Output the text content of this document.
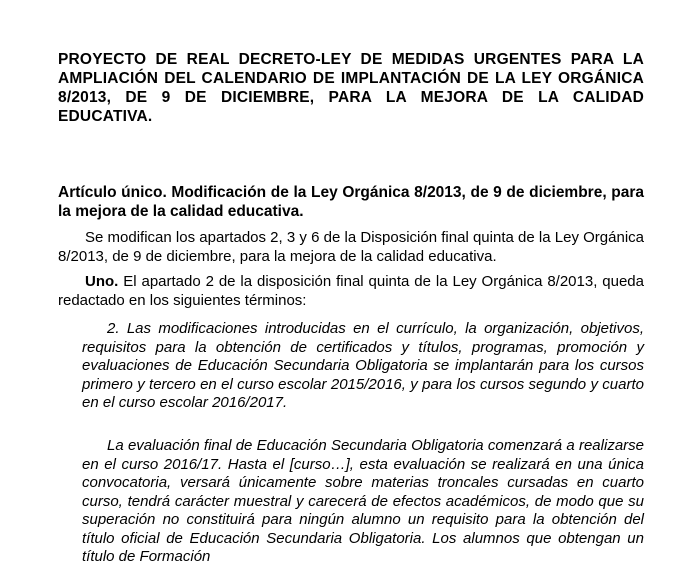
PROYECTO DE REAL DECRETO-LEY DE MEDIDAS URGENTES PARA LA AMPLIACIÓN DEL CALENDARIO DE IMPLANTACIÓN DE LA LEY ORGÁNICA 8/2013, DE 9 DE DICIEMBRE, PARA LA MEJORA DE LA CALIDAD EDUCATIVA.
Artículo único. Modificación de la Ley Orgánica 8/2013, de 9 de diciembre, para la mejora de la calidad educativa.
Se modifican los apartados 2, 3 y 6 de la Disposición final quinta de la Ley Orgánica 8/2013, de 9 de diciembre, para la mejora de la calidad educativa.
Uno. El apartado 2 de la disposición final quinta de la Ley Orgánica 8/2013, queda redactado en los siguientes términos:
2. Las modificaciones introducidas en el currículo, la organización, objetivos, requisitos para la obtención de certificados y títulos, programas, promoción y evaluaciones de Educación Secundaria Obligatoria se implantarán para los cursos primero y tercero en el curso escolar 2015/2016, y para los cursos segundo y cuarto en el curso escolar 2016/2017.
La evaluación final de Educación Secundaria Obligatoria comenzará a realizarse en el curso 2016/17. Hasta el [curso…], esta evaluación se realizará en una única convocatoria, versará únicamente sobre materias troncales cursadas en cuarto curso, tendrá carácter muestral y carecerá de efectos académicos, de modo que su superación no constituirá para ningún alumno un requisito para la obtención del título oficial de Educación Secundaria Obligatoria. Los alumnos que obtengan un título de Formación
